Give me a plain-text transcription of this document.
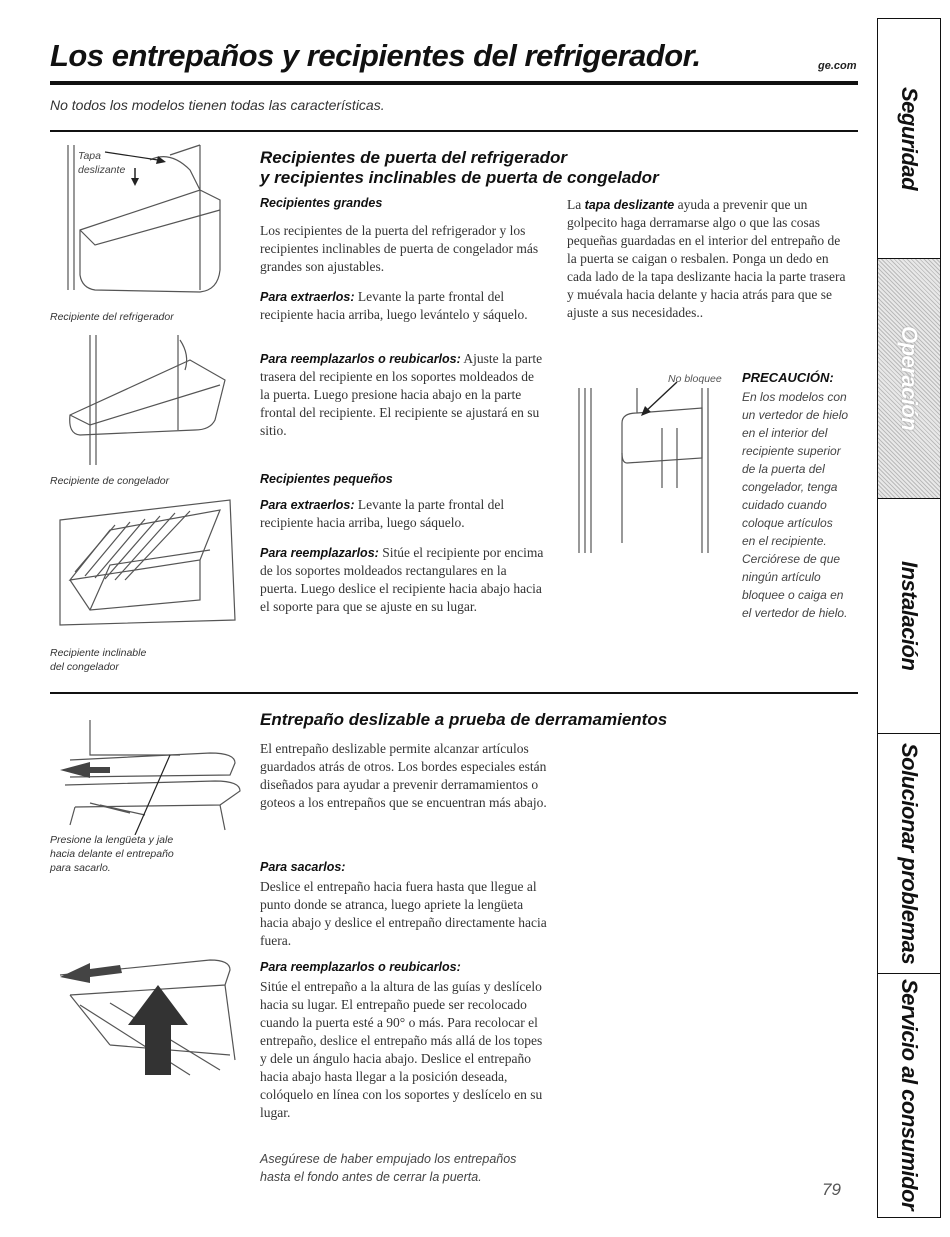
Los entrepaños y recipientes del refrigerador.	ge.com
No todos los modelos tienen todas las características.
Tapa
deslizante
Recipiente del refrigerador
Recipiente de congelador
Recipiente inclinable
del congelador
Recipientes de puerta del refrigerador
y recipientes inclinables de puerta de congelador
Recipientes grandes
Los recipientes de la puerta del refrigerador y los recipientes inclinables de puerta de congelador más grandes son ajustables.
Para extraerlos: Levante la parte frontal del recipiente hacia arriba, luego levántelo y sáquelo.
Para reemplazarlos o reubicarlos: Ajuste la parte trasera del recipiente en los soportes moldeados de la puerta. Luego presione hacia abajo en la parte frontal del recipiente. El recipiente se ajustará en su sitio.
Recipientes pequeños
Para extraerlos: Levante la parte frontal del recipiente hacia arriba, luego sáquelo.
Para reemplazarlos: Sitúe el recipiente por encima de los soportes moldeados rectangulares en la puerta. Luego deslice el recipiente hacia abajo hacia el soporte para que se ajuste en su lugar.
La tapa deslizante ayuda a prevenir que un golpecito haga derramarse algo o que las cosas pequeñas guardadas en el interior del entrepaño de la puerta se caigan o resbalen. Ponga un dedo en cada lado de la tapa deslizante hacia la parte trasera y muévala hacia delante y hacia atrás para que se ajuste a sus necesidades..
No bloquee PRECAUCIÓN:
En los modelos con
un vertedor de hielo
en el interior del
recipiente superior
de la puerta del
congelador, tenga
cuidado cuando
coloque artículos
en el recipiente.
Cerciórese de que
ningún artículo
bloquee o caiga en
el vertedor de hielo.
Presione la lengüeta y jale
hacia delante el entrepaño
para sacarlo.
Entrepaño deslizable a prueba de derramamientos
El entrepaño deslizable permite alcanzar artículos guardados atrás de otros. Los bordes especiales están diseñados para ayudar a prevenir derramamientos o goteos a los entrepaños que se encuentran más abajo.
Para sacarlos:
Deslice el entrepaño hacia fuera hasta que llegue al punto donde se atranca, luego apriete la lengüeta hacia abajo y deslice el entrepaño directamente hacia fuera.
Para reemplazarlos o reubicarlos:
Sitúe el entrepaño a la altura de las guías y deslícelo hacia su lugar. El entrepaño puede ser recolocado cuando la puerta esté a 90° o más. Para recolocar el entrepaño, deslice el entrepaño más allá de los topes y dele un ángulo hacia abajo. Deslice el entrepaño hacia abajo hasta llegar a la posición deseada, colóquelo en línea con los soportes y deslícelo en su lugar.
Asegúrese de haber empujado los entrepaños hasta el fondo antes de cerrar la puerta.
79
Seguridad
Operación
Instalación
Solucionar problemas
Servicio al consumidor
